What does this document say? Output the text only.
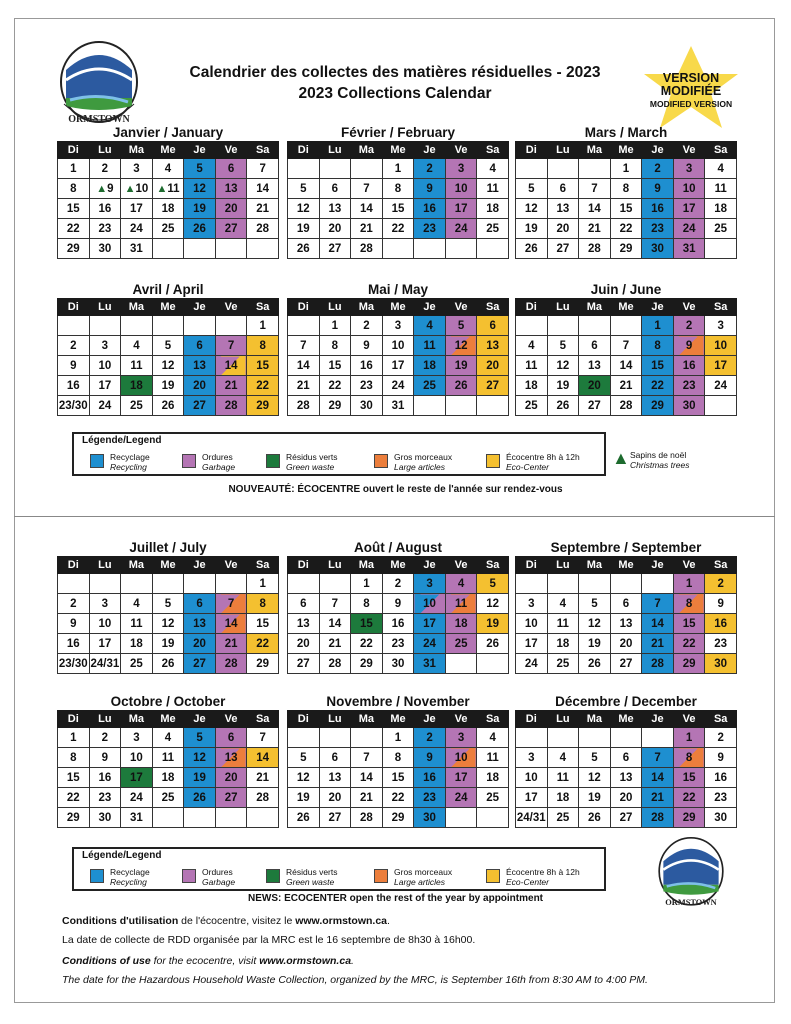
ORMSTOWN
Calendrier des collectes des matières résiduelles - 2023
2023 Collections Calendar
VERSION
MODIFIÉE
MODIFIED VERSION
Janvier / January
Di	Lu	Ma	Me	Je	Ve	Sa
1	2	3	4	5	6	7
8	▲9	▲10	▲11	12	13	14
15	16	17	18	19	20	21
22	23	24	25	26	27	28
29	30	31				
Février / February
Di	Lu	Ma	Me	Je	Ve	Sa
			1	2	3	4
5	6	7	8	9	10	11
12	13	14	15	16	17	18
19	20	21	22	23	24	25
26	27	28				
Mars / March
Di	Lu	Ma	Me	Je	Ve	Sa
			1	2	3	4
5	6	7	8	9	10	11
12	13	14	15	16	17	18
19	20	21	22	23	24	25
26	27	28	29	30	31	
Avril / April
Di	Lu	Ma	Me	Je	Ve	Sa
						1
2	3	4	5	6	7	8
9	10	11	12	13	14	15
16	17	18	19	20	21	22
23/30	24	25	26	27	28	29
Mai / May
Di	Lu	Ma	Me	Je	Ve	Sa
	1	2	3	4	5	6
7	8	9	10	11	12	13
14	15	16	17	18	19	20
21	22	23	24	25	26	27
28	29	30	31			
Juin / June
Di	Lu	Ma	Me	Je	Ve	Sa
				1	2	3
4	5	6	7	8	9	10
11	12	13	14	15	16	17
18	19	20	21	22	23	24
25	26	27	28	29	30	
Juillet / July
Di	Lu	Ma	Me	Je	Ve	Sa
						1
2	3	4	5	6	7	8
9	10	11	12	13	14	15
16	17	18	19	20	21	22
23/30	24/31	25	26	27	28	29
Août / August
Di	Lu	Ma	Me	Je	Ve	Sa
		1	2	3	4	5
6	7	8	9	10	11	12
13	14	15	16	17	18	19
20	21	22	23	24	25	26
27	28	29	30	31		
Septembre / September
Di	Lu	Ma	Me	Je	Ve	Sa
					1	2
3	4	5	6	7	8	9
10	11	12	13	14	15	16
17	18	19	20	21	22	23
24	25	26	27	28	29	30
Octobre / October
Di	Lu	Ma	Me	Je	Ve	Sa
1	2	3	4	5	6	7
8	9	10	11	12	13	14
15	16	17	18	19	20	21
22	23	24	25	26	27	28
29	30	31				
Novembre / November
Di	Lu	Ma	Me	Je	Ve	Sa
			1	2	3	4
5	6	7	8	9	10	11
12	13	14	15	16	17	18
19	20	21	22	23	24	25
26	27	28	29	30		
Décembre / December
Di	Lu	Ma	Me	Je	Ve	Sa
					1	2
3	4	5	6	7	8	9
10	11	12	13	14	15	16
17	18	19	20	21	22	23
24/31	25	26	27	28	29	30
Légende/Legend
Recyclage
Recycling
Ordures
Garbage
Résidus verts
Green waste
Gros morceaux
Large articles
Écocentre 8h à 12h
Eco-Center	▲ Sapins de noël
Christmas trees
NOUVEAUTÉ: ÉCOCENTRE ouvert le reste de l'année sur rendez-vous
Légende/Legend
Recyclage
Recycling
Ordures
Garbage
Résidus verts
Green waste
Gros morceaux
Large articles
Écocentre 8h à 12h
Eco-Center
ORMSTOWN
NEWS: ECOCENTER open the rest of the year by appointment
Conditions d'utilisation de l'écocentre, visitez le www.ormstown.ca.
La date de collecte de RDD organisée par la MRC est le 16 septembre de 8h30 à 16h00.
Conditions of use for the ecocentre, visit www.ormstown.ca.
The date for the Hazardous Household Waste Collection, organized by the MRC, is September 16th from 8:30 AM to 4:00 PM.
